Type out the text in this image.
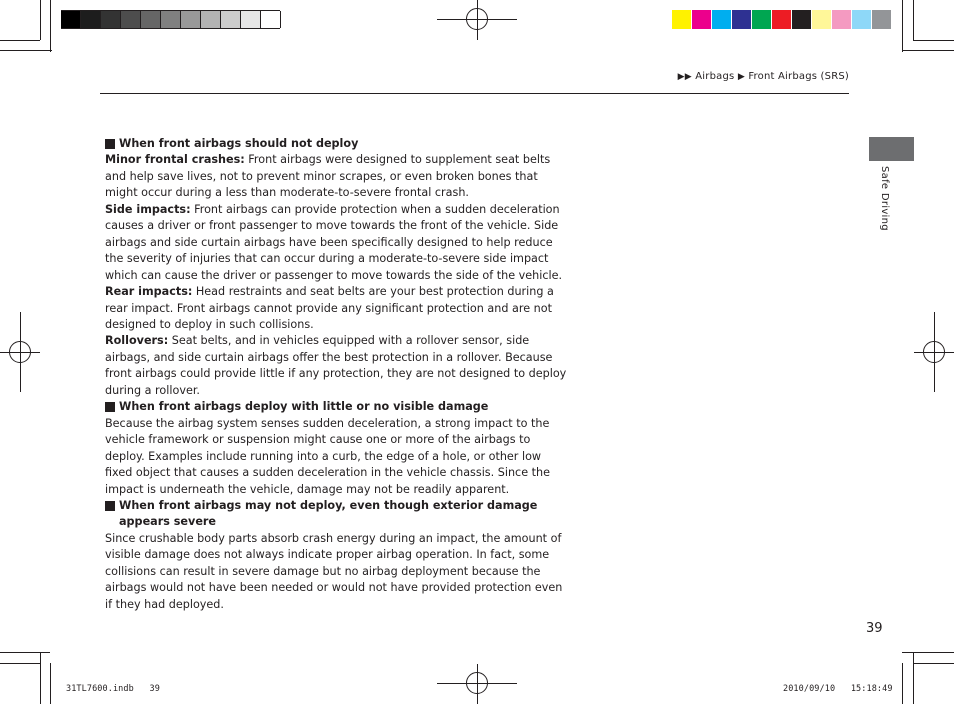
▶▶ Airbags ▶ Front Airbags (SRS)
Safe Driving

When front airbags should not deploy

Minor frontal crashes: Front airbags were designed to supplement seat belts and help save lives, not to prevent minor scrapes, or even broken bones that might occur during a less than moderate-to-severe frontal crash.

Side impacts: Front airbags can provide protection when a sudden deceleration causes a driver or front passenger to move towards the front of the vehicle. Side airbags and side curtain airbags have been specifically designed to help reduce the severity of injuries that can occur during a moderate-to-severe side impact which can cause the driver or passenger to move towards the side of the vehicle.

Rear impacts: Head restraints and seat belts are your best protection during a rear impact. Front airbags cannot provide any significant protection and are not designed to deploy in such collisions.

Rollovers: Seat belts, and in vehicles equipped with a rollover sensor, side airbags, and side curtain airbags offer the best protection in a rollover. Because front airbags could provide little if any protection, they are not designed to deploy during a rollover.

When front airbags deploy with little or no visible damage

Because the airbag system senses sudden deceleration, a strong impact to the vehicle framework or suspension might cause one or more of the airbags to deploy. Examples include running into a curb, the edge of a hole, or other low fixed object that causes a sudden deceleration in the vehicle chassis. Since the impact is underneath the vehicle, damage may not be readily apparent.

When front airbags may not deploy, even though exterior damage appears severe

Since crushable body parts absorb crash energy during an impact, the amount of visible damage does not always indicate proper airbag operation. In fact, some collisions can result in severe damage but no airbag deployment because the airbags would not have been needed or would not have provided protection even if they had deployed.

39
31TL7600.indb 39	2010/09/10 15:18:49
